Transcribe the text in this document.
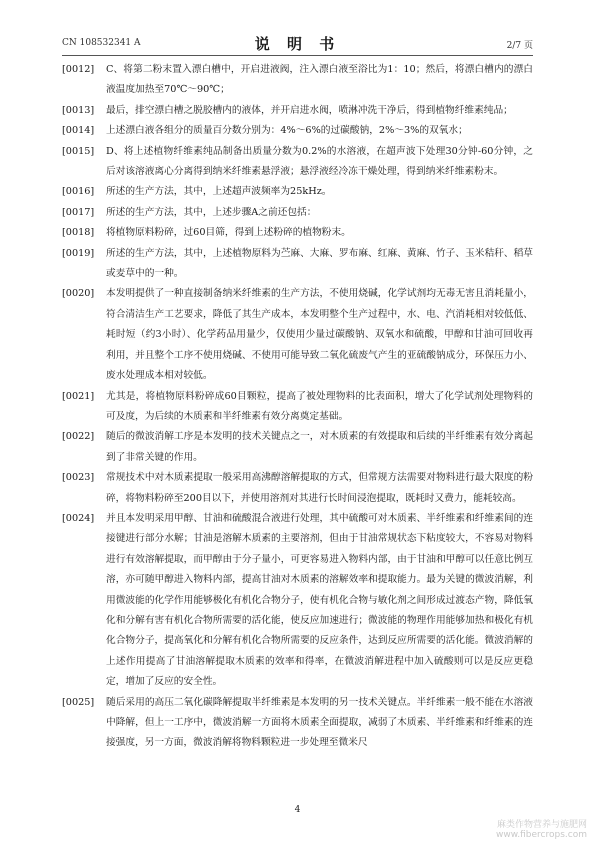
CN 108532341 A	说 明 书	2/7 页
[0012] C、将第二粉末置入漂白槽中，开启进液阀，注入漂白液至浴比为1：10；然后，将漂白槽内的漂白液温度加热至70℃～90℃；
[0013] 最后，排空漂白槽之脱胶槽内的液体，并开启进水阀，喷淋冲洗干净后，得到植物纤维素纯品；
[0014] 上述漂白液各组分的质量百分数分别为：4%～6%的过碳酸钠，2%～3%的双氧水；
[0015] D、将上述植物纤维素纯品制备出质量分数为0.2%的水溶液，在超声波下处理30分钟-60分钟，之后对该溶液离心分离得到纳米纤维素悬浮液；悬浮液经冷冻干燥处理，得到纳米纤维素粉末。
[0016] 所述的生产方法，其中，上述超声波频率为25kHz。
[0017] 所述的生产方法，其中，上述步骤A之前还包括：
[0018] 将植物原料粉碎，过60目筛，得到上述粉碎的植物粉末。
[0019] 所述的生产方法，其中，上述植物原料为苎麻、大麻、罗布麻、红麻、黄麻、竹子、玉米秸秆、稻草或麦草中的一种。
[0020] 本发明提供了一种直接制备纳米纤维素的生产方法，不使用烧碱，化学试剂均无毒无害且消耗量小，符合清洁生产工艺要求，降低了其生产成本，本发明整个生产过程中，水、电、汽消耗相对较低低、耗时短（约3小时）、化学药品用量少，仅使用少量过碳酸钠、双氧水和硫酸，甲醇和甘油可回收再利用，并且整个工序不使用烧碱、不使用可能导致二氧化硫废气产生的亚硫酸钠成分，环保压力小、废水处理成本相对较低。
[0021] 尤其是，将植物原料粉碎成60目颗粒，提高了被处理物料的比表面积，增大了化学试剂处理物料的可及度，为后续的木质素和半纤维素有效分离奠定基础。
[0022] 随后的微波消解工序是本发明的技术关键点之一，对木质素的有效提取和后续的半纤维素有效分离起到了非常关键的作用。
[0023] 常规技术中对木质素提取一般采用高沸醇溶解提取的方式，但常规方法需要对物料进行最大限度的粉碎，将物料粉碎至200目以下，并使用溶剂对其进行长时间浸泡提取，既耗时又费力，能耗较高。
[0024] 并且本发明采用甲醇、甘油和硫酸混合液进行处理，其中硫酸可对木质素、半纤维素和纤维素间的连接键进行部分水解；甘油是溶解木质素的主要溶剂，但由于甘油常规状态下粘度较大，不容易对物料进行有效溶解提取，而甲醇由于分子量小，可更容易进入物料内部，由于甘油和甲醇可以任意比例互溶，亦可随甲醇进入物料内部，提高甘油对木质素的溶解效率和提取能力。最为关键的微波消解，利用微波能的化学作用能够极化有机化合物分子，使有机化合物与敏化剂之间形成过渡态产物，降低氧化和分解有害有机化合物所需要的活化能，使反应加速进行；微波能的物理作用能够加热和极化有机化合物分子，提高氧化和分解有机化合物所需要的反应条件，达到反应所需要的活化能。微波消解的上述作用提高了甘油溶解提取木质素的效率和得率，在微波消解进程中加入硫酸则可以是反应更稳定，增加了反应的安全性。
[0025] 随后采用的高压二氧化碳降解提取半纤维素是本发明的另一技术关键点。半纤维素一般不能在水溶液中降解，但上一工序中，微波消解一方面将木质素全面提取，减弱了木质素、半纤维素和纤维素的连接强度，另一方面，微波消解将物料颗粒进一步处理至微米尺
4
麻类作物营养与施肥网
www.fibercrops.com
